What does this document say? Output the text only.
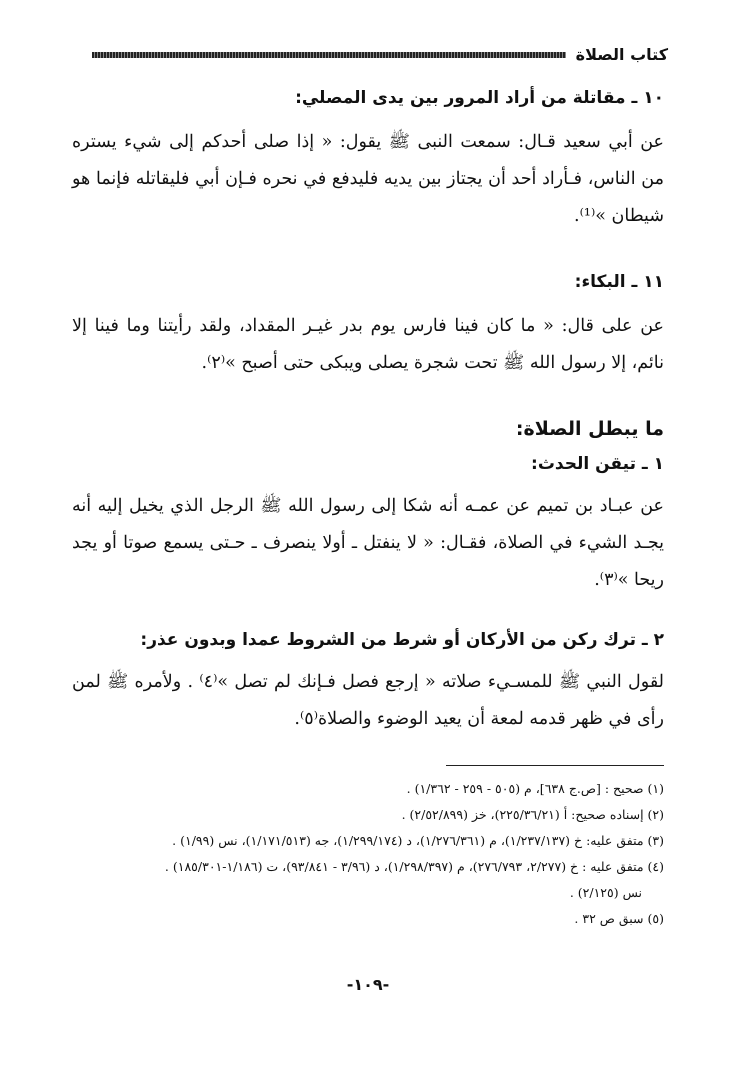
كتاب الصلاة
١٠ ـ مقاتلة من أراد المرور بين يدى المصلي:

عن أبي سعيد قـال: سمعت النبى ﷺ يقول: « إذا صلى أحدكم إلى شيء يستره من الناس، فـأراد أحد أن يجتاز بين يديه فليدفع في نحره فـإن أبي فليقاتله فإنما هو شيطان »⁽¹⁾.

١١ ـ البكاء:

عن على قال: « ما كان فينا فارس يوم بدر غيـر المقداد، ولقد رأيتنا وما فينا إلا نائم، إلا رسول الله ﷺ تحت شجرة يصلى ويبكى حتى أصبح »⁽٢⁾.

ما يبطل الصلاة:
١ ـ تيقن الحدث:

عن عبـاد بن تميم عن عمـه أنه شكا إلى رسول الله ﷺ الرجل الذي يخيل إليه أنه يجـد الشيء في الصلاة، فقـال: « لا ينفتل ـ أولا ينصرف ـ حـتى يسمع صوتا أو يجد ريحا »⁽٣⁾.

٢ ـ ترك ركن من الأركان أو شرط من الشروط عمدا وبدون عذر:

لقول النبي ﷺ للمسـيء صلاته « إرجع فصل فـإنك لم تصل »⁽٤⁾ . ولأمره ﷺ لمن رأى في ظهر قدمه لمعة أن يعيد الوضوء والصلاة⁽٥⁾.

(١) صحيح : [ص.ج ٦٣٨]، م (٥٠٥ - ٢٥٩ - ١/٣٦٢) .
(٢) إسناده صحيح: أ (٢٢٥/٣٦/٢١)، خز (٢/٥٢/٨٩٩) .
(٣) متفق عليه: خ (١/٢٣٧/١٣٧)، م (١/٢٧٦/٣٦١)، د (١/٢٩٩/١٧٤)، جه (١/١٧١/٥١٣)، نس (١/٩٩) .
(٤) متفق عليه : خ (٢/٢٧٧، ٢٧٦/٧٩٣)، م (١/٢٩٨/٣٩٧)، د (٣/٩٦ - ٩٣/٨٤١)، ت (١/١٨٦-١٨٥/٣٠١) .
نس (٢/١٢٥) .
(٥) سبق ص ٣٢ .
-١٠٩-
